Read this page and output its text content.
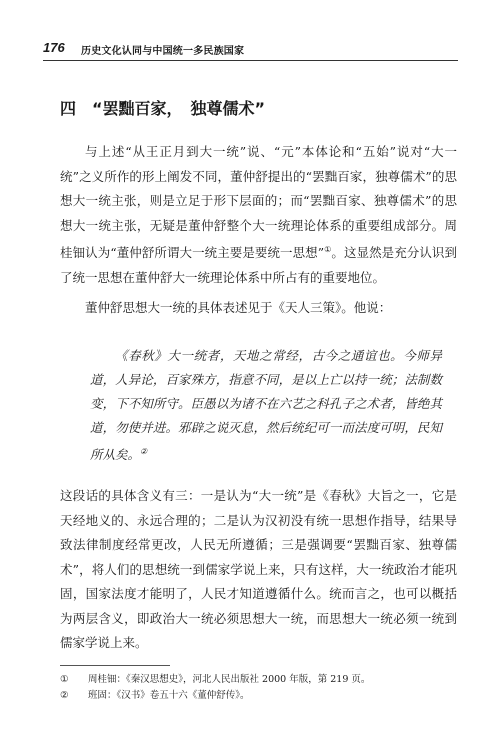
176 历史文化认同与中国统一多民族国家
四　“罢黜百家，　独尊儒术”
与上述“从王正月到大一统”说、“元”本体论和“五始”说对“大一统”之义所作的形上阐发不同，董仲舒提出的“罢黜百家，独尊儒术”的思想大一统主张，则是立足于形下层面的；而“罢黜百家、独尊儒术”的思想大一统主张，无疑是董仲舒整个大一统理论体系的重要组成部分。周桂钿认为“董仲舒所谓大一统主要是要统一思想”①。这显然是充分认识到了统一思想在董仲舒大一统理论体系中所占有的重要地位。
董仲舒思想大一统的具体表述见于《天人三策》。他说：
《春秋》大一统者，天地之常经，古今之通谊也。今师异道，人异论，百家殊方，指意不同，是以上亡以持一统；法制数变，下不知所守。臣愚以为诸不在六艺之科孔子之术者，皆绝其道，勿使并进。邪辟之说灭息，然后统纪可一而法度可明，民知所从矣。②
这段话的具体含义有三：一是认为“大一统”是《春秋》大旨之一，它是天经地义的、永远合理的；二是认为汉初没有统一思想作指导，结果导致法律制度经常更改，人民无所遵循；三是强调要“罢黜百家、独尊儒术”，将人们的思想统一到儒家学说上来，只有这样，大一统政治才能巩固，国家法度才能明了，人民才知道遵循什么。统而言之，也可以概括为两层含义，即政治大一统必须思想大一统，而思想大一统必须一统到儒家学说上来。
① 周桂钿：《秦汉思想史》，河北人民出版社 2000 年版，第 219 页。
② 班固：《汉书》卷五十六《董仲舒传》。
